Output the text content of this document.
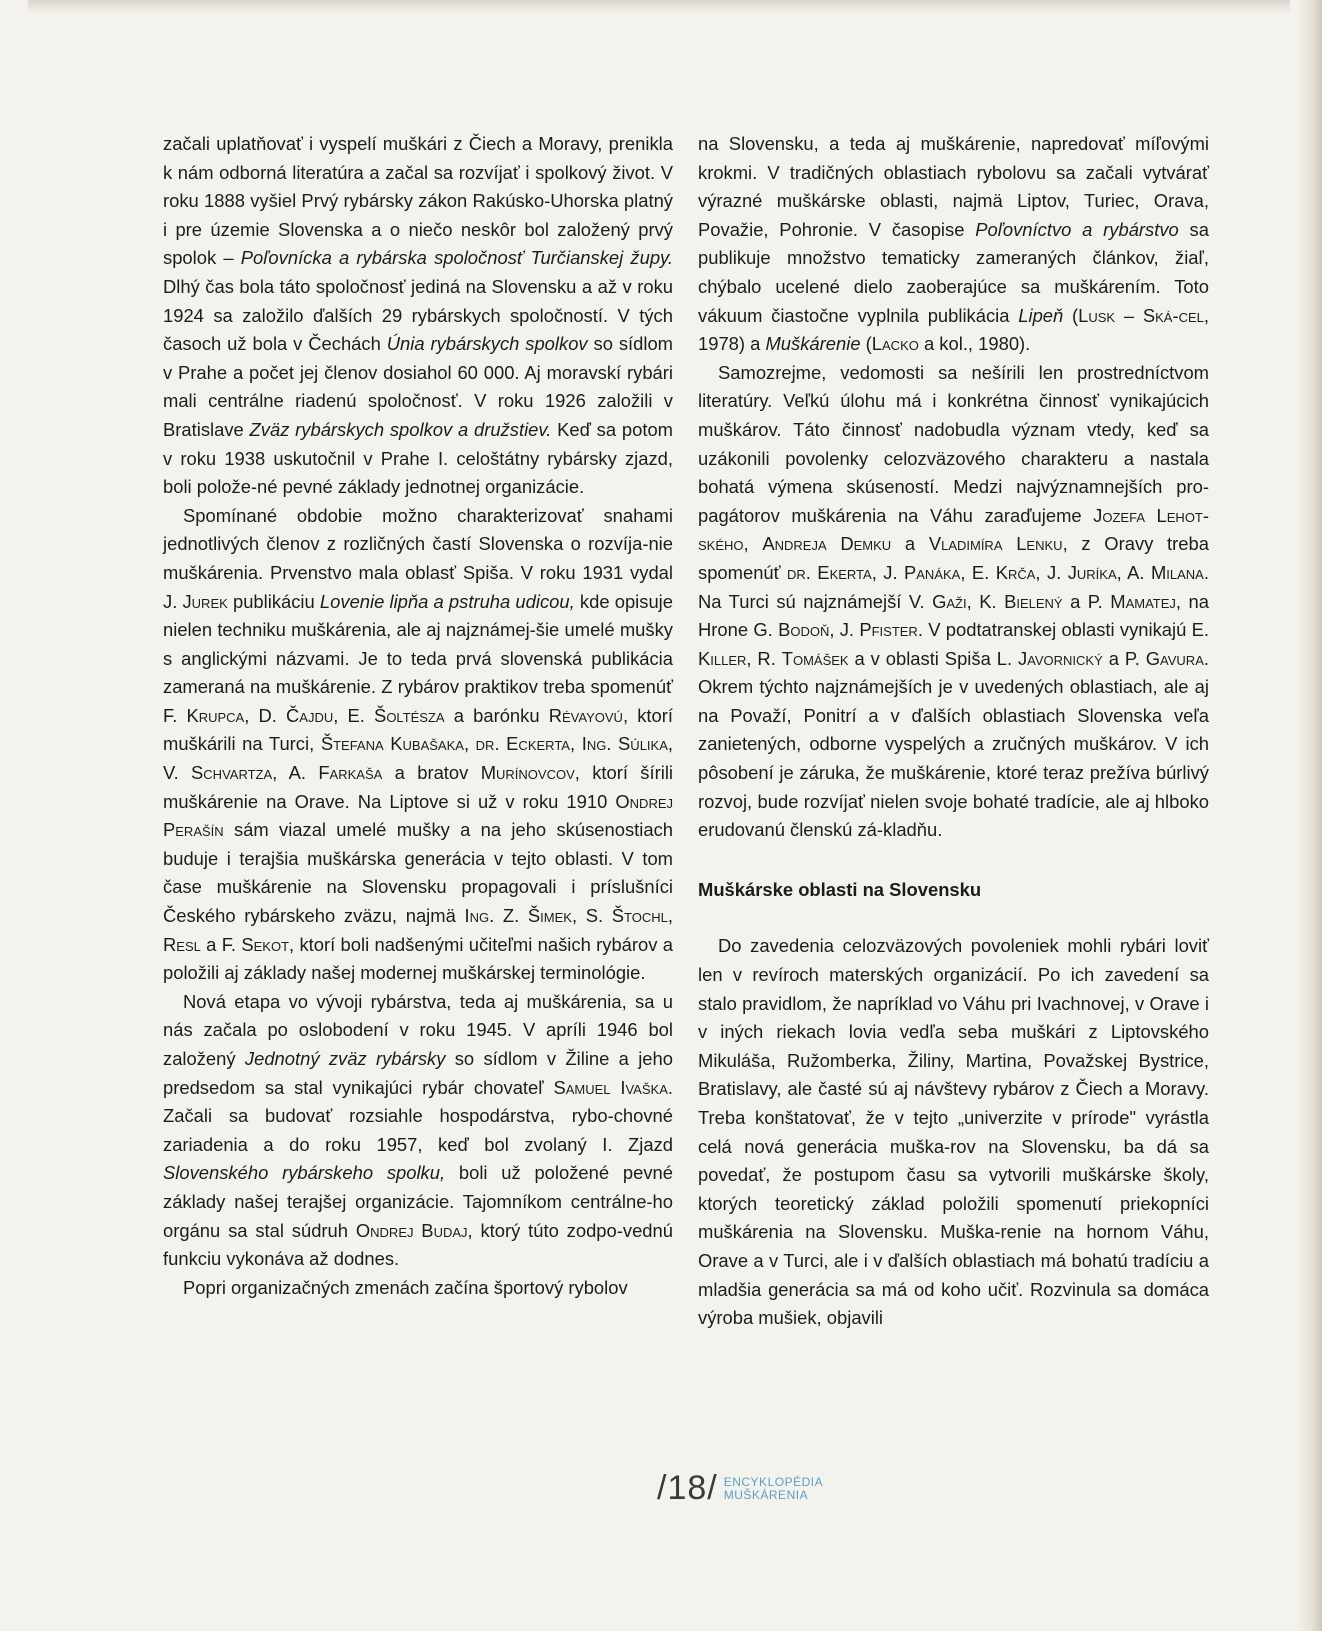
začali uplatňovať i vyspelí muškári z Čiech a Moravy, prenikla k nám odborná literatúra a začal sa rozvíjať i spolkový život. V roku 1888 vyšiel Prvý rybársky zákon Rakúsko-Uhorska platný i pre územie Slovenska a o niečo neskôr bol založený prvý spolok – Poľovnícka a rybárska spoločnosť Turčianskej župy. Dlhý čas bola táto spoločnosť jediná na Slovensku a až v roku 1924 sa založilo ďalších 29 rybárskych spoločností. V tých časoch už bola v Čechách Únia rybárskych spolkov so sídlom v Prahe a počet jej členov dosiahol 60 000. Aj moravskí rybári mali centrálne riadenú spoločnosť. V roku 1926 založili v Bratislave Zväz rybárskych spolkov a družstiev. Keď sa potom v roku 1938 uskutočnil v Prahe I. celoštátny rybársky zjazd, boli polože-né pevné základy jednotnej organizácie.

Spomínané obdobie možno charakterizovať snahami jednotlivých členov z rozličných častí Slovenska o rozvíja-nie muškárenia. Prvenstvo mala oblasť Spiša. V roku 1931 vydal J. Jurek publikáciu Lovenie lipňa a pstruha udicou, kde opisuje nielen techniku muškárenia, ale aj najznámej-šie umelé mušky s anglickými názvami. Je to teda prvá slovenská publikácia zameraná na muškárenie. Z rybárov praktikov treba spomenúť F. Krupca, D. Čajdu, E. Šoltésza a barónku Révayovú, ktorí muškárili na Turci, Štefana Kubašaka, dr. Eckerta, Ing. Súlika, V. Schvartza, A. Farkaša a bratov Murínovcov, ktorí šírili muškárenie na Orave. Na Liptove si už v roku 1910 Ondrej Perašín sám viazal umelé mušky a na jeho skúsenostiach buduje i terajšia muškárska generácia v tejto oblasti. V tom čase muškárenie na Slovensku propagovali i príslušníci Českého rybárskeho zväzu, najmä Ing. Z. Šimek, S. Štochl, Resl a F. Sekot, ktorí boli nadšenými učiteľmi našich rybárov a položili aj základy našej modernej muškárskej terminológie.

Nová etapa vo vývoji rybárstva, teda aj muškárenia, sa u nás začala po oslobodení v roku 1945. V apríli 1946 bol založený Jednotný zväz rybársky so sídlom v Žiline a jeho predsedom sa stal vynikajúci rybár chovateľ Samuel Ivaška. Začali sa budovať rozsiahle hospodárstva, rybo-chovné zariadenia a do roku 1957, keď bol zvolaný I. Zjazd Slovenského rybárskeho spolku, boli už položené pevné základy našej terajšej organizácie. Tajomníkom centrálne-ho orgánu sa stal súdruh Ondrej Budaj, ktorý túto zodpo-vednú funkciu vykonáva až dodnes.

Popri organizačných zmenách začína športový rybolov

na Slovensku, a teda aj muškárenie, napredovať míľovými krokmi. V tradičných oblastiach rybolovu sa začali vytvárať výrazné muškárske oblasti, najmä Liptov, Turiec, Orava, Považie, Pohronie. V časopise Poľovníctvo a rybárstvo sa publikuje množstvo tematicky zameraných článkov, žiaľ, chýbalo ucelené dielo zaoberajúce sa muškárením. Toto vákuum čiastočne vyplnila publikácia Lipeň (Lusk – Ská-cel, 1978) a Muškárenie (Lacko a kol., 1980).

Samozrejme, vedomosti sa nešírili len prostredníctvom literatúry. Veľkú úlohu má i konkrétna činnosť vynikajúcich muškárov. Táto činnosť nadobudla význam vtedy, keď sa uzákonili povolenky celozväzového charakteru a nastala bohatá výmena skúseností. Medzi najvýznamnejších pro-pagátorov muškárenia na Váhu zaraďujeme Jozefa Lehot-ského, Andreja Demku a Vladimíra Lenku, z Oravy treba spomenúť dr. Ekerta, J. Panáka, E. Krča, J. Juríka, A. Milana. Na Turci sú najznámejší V. Gaži, K. Bielený a P. Mamatej, na Hrone G. Bodoň, J. Pfister. V podtatranskej oblasti vynikajú E. Killer, R. Tomášek a v oblasti Spiša L. Javornický a P. Gavura. Okrem týchto najznámejších je v uvedených oblastiach, ale aj na Považí, Ponitrí a v ďalších oblastiach Slovenska veľa zanietených, odborne vyspelých a zručných muškárov. V ich pôsobení je záruka, že muškárenie, ktoré teraz prežíva búrlivý rozvoj, bude rozvíjať nielen svoje bohaté tradície, ale aj hlboko erudovanú členskú zá-kladňu.

Muškárske oblasti na Slovensku

Do zavedenia celozväzových povoleniek mohli rybári loviť len v revíroch materských organizácií. Po ich zavedení sa stalo pravidlom, že napríklad vo Váhu pri Ivachnovej, v Orave i v iných riekach lovia vedľa seba muškári z Liptovského Mikuláša, Ružomberka, Žiliny, Martina, Považskej Bystrice, Bratislavy, ale časté sú aj návštevy rybárov z Čiech a Moravy. Treba konštatovať, že v tejto „univerzite v prírode" vyrástla celá nová generácia muška-rov na Slovensku, ba dá sa povedať, že postupom času sa vytvorili muškárske školy, ktorých teoretický základ položili spomenutí priekopníci muškárenia na Slovensku. Muška-renie na hornom Váhu, Orave a v Turci, ale i v ďalších oblastiach má bohatú tradíciu a mladšia generácia sa má od koho učiť. Rozvinula sa domáca výroba mušiek, objavili

/18/ ENCYKLOPÉDIA
MUŠKÁRENIA
